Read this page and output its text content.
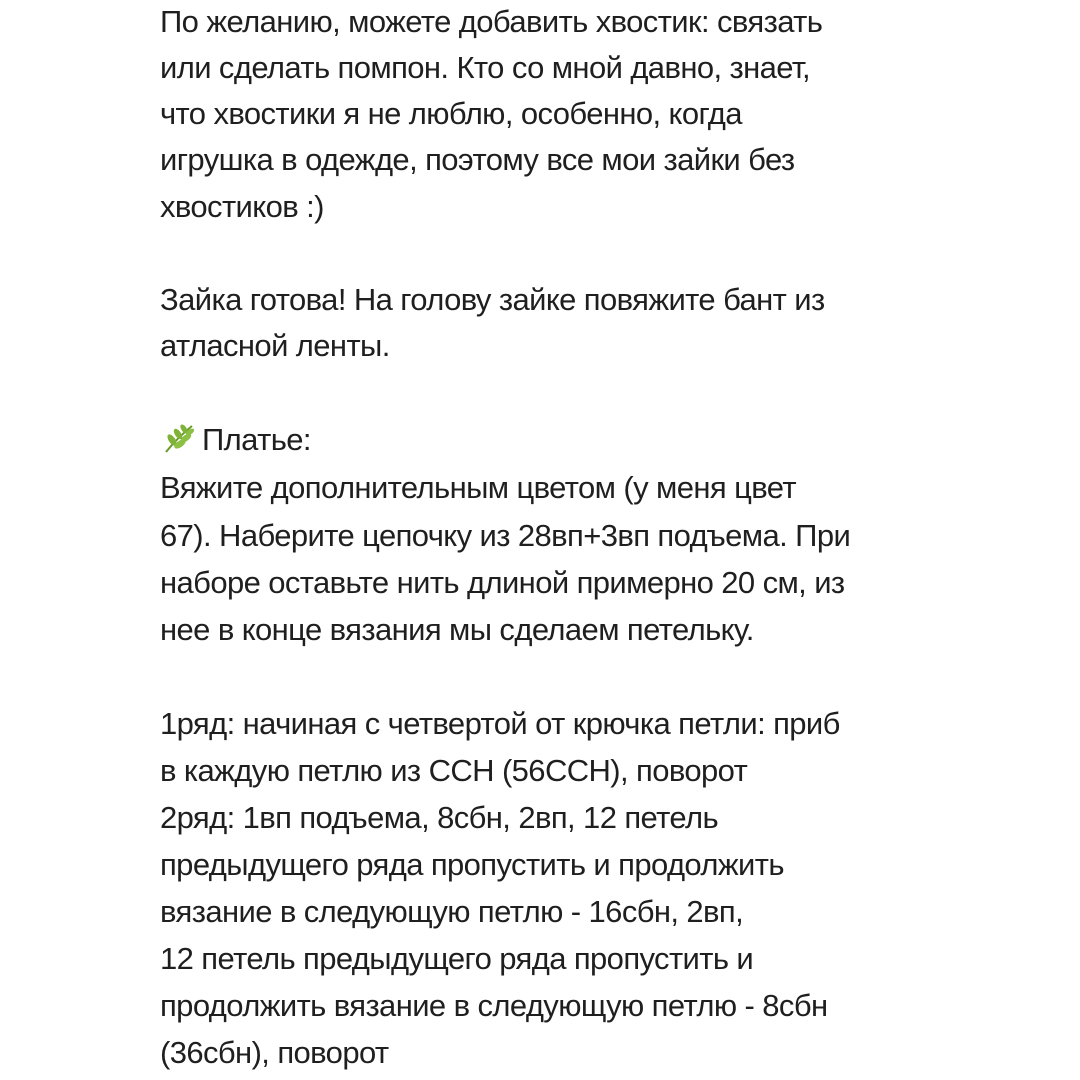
По желанию, можете добавить хвостик: связать
или сделать помпон. Кто со мной давно, знает,
что хвостики я не люблю, особенно, когда
игрушка в одежде, поэтому все мои зайки без
хвостиков :)
Зайка готова! На голову зайке повяжите бант из
атласной ленты.
Платье:
Вяжите дополнительным цветом (у меня цвет
67). Наберите цепочку из 28вп+3вп подъема. При
наборе оставьте нить длиной примерно 20 см, из
нее в конце вязания мы сделаем петельку.
1ряд: начиная с четвертой от крючка петли: приб
в каждую петлю из ССН (56ССН), поворот
2ряд: 1вп подъема, 8сбн, 2вп, 12 петель
предыдущего ряда пропустить и продолжить
вязание в следующую петлю - 16сбн, 2вп,
12 петель предыдущего ряда пропустить и
продолжить вязание в следующую петлю - 8сбн
(36сбн), поворот
